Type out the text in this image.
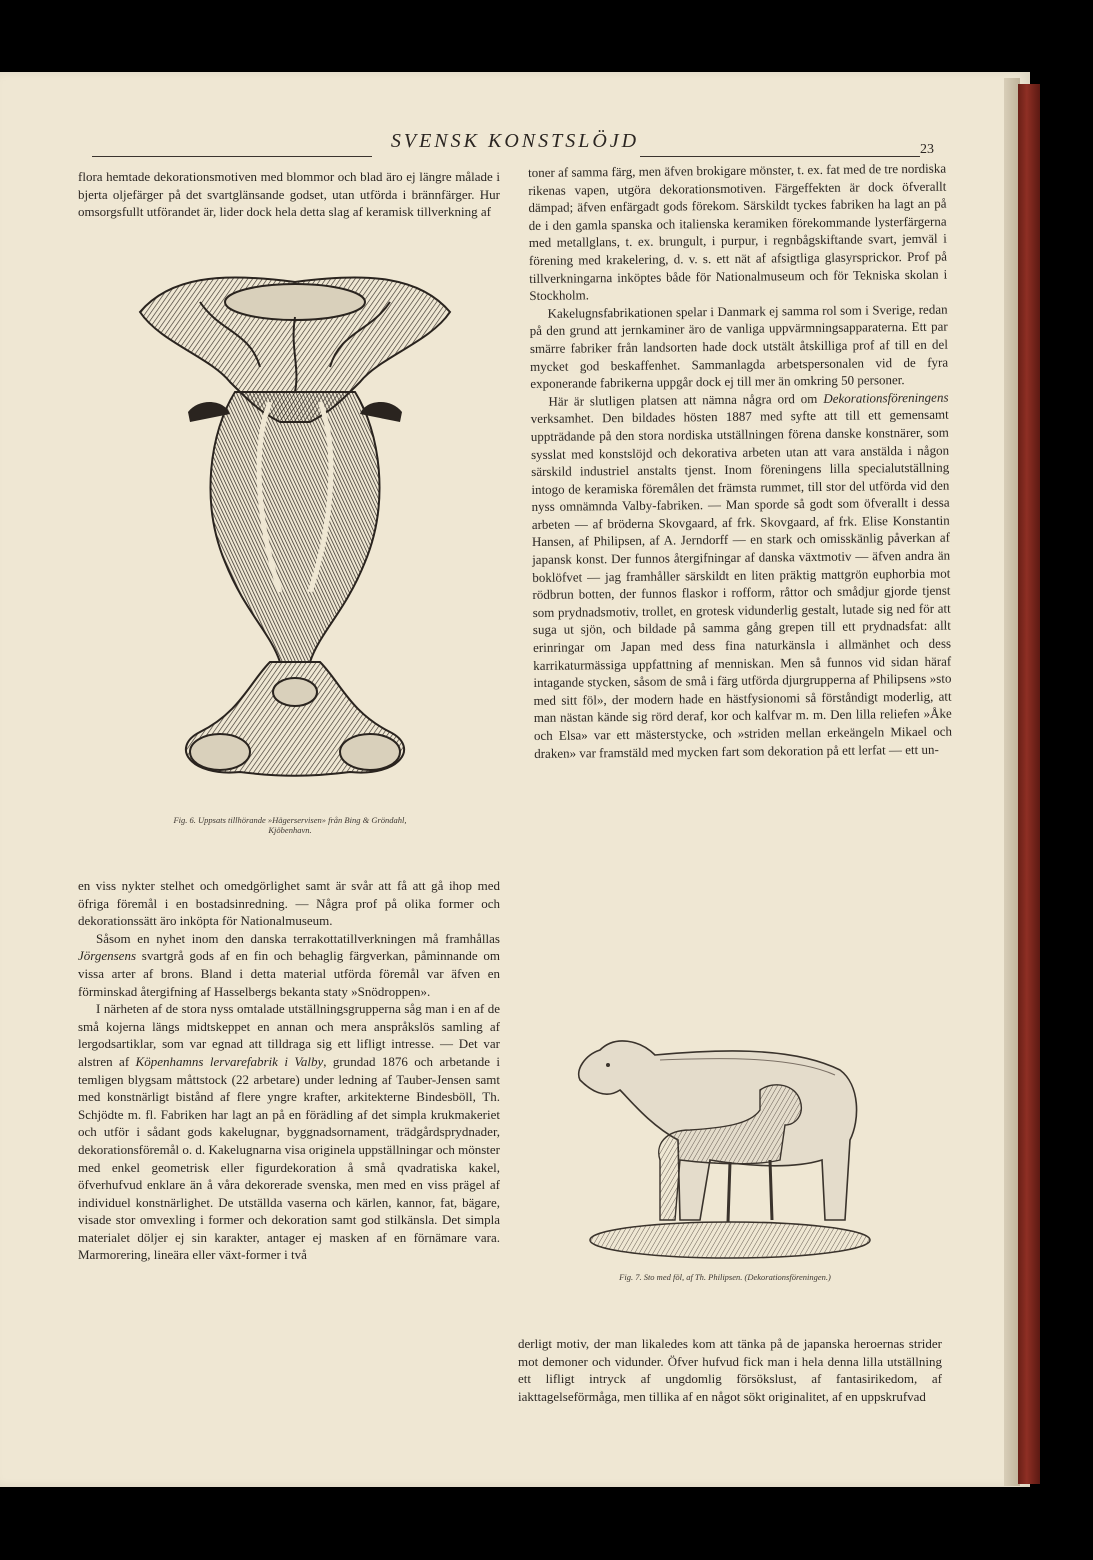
SVENSK KONSTSLÖJD	23

flora hemtade dekorationsmotiven med blommor och blad äro ej längre målade i bjerta oljefärger på det svartglänsande godset, utan utförda i brännfärger. Hur omsorgsfullt utförandet är, lider dock hela detta slag af keramisk tillverkning af

Fig. 6. Uppsats tillhörande »Hägerservisen» från Bing & Gröndahl,
Kjöbenhavn.

en viss nykter stelhet och omedgörlighet samt är svår att få att gå ihop med öfriga föremål i en bostadsinredning. — Några prof på olika former och dekorationssätt äro inköpta för Nationalmuseum.

Såsom en nyhet inom den danska terrakottatillverkningen må framhållas Jörgensens svartgrå gods af en fin och behaglig färgverkan, påminnande om vissa arter af brons. Bland i detta material utförda föremål var äfven en förminskad återgifning af Hasselbergs bekanta staty »Snödroppen».

I närheten af de stora nyss omtalade utställningsgrupperna såg man i en af de små kojerna längs midtskeppet en annan och mera anspråkslös samling af lergodsartiklar, som var egnad att tilldraga sig ett lifligt intresse. — Det var alstren af Köpenhamns lervarefabrik i Valby, grundad 1876 och arbetande i temligen blygsam måttstock (22 arbetare) under ledning af Tauber-Jensen samt med konstnärligt bistånd af flere yngre krafter, arkitekterne Bindesböll, Th. Schjödte m. fl. Fabriken har lagt an på en förädling af det simpla krukmakeriet och utför i sådant gods kakelugnar, byggnadsornament, trädgårdsprydnader, dekorationsföremål o. d. Kakelugnarna visa originela uppställningar och mönster med enkel geometrisk eller figurdekoration å små qvadratiska kakel, öfverhufvud enklare än å våra dekorerade svenska, men med en viss prägel af individuel konstnärlighet. De utställda vaserna och kärlen, kannor, fat, bägare, visade stor omvexling i former och dekoration samt god stilkänsla. Det simpla materialet döljer ej sin karakter, antager ej masken af en förnämare vara. Marmorering, lineära eller växt-former i två

toner af samma färg, men äfven brokigare mönster, t. ex. fat med de tre nordiska rikenas vapen, utgöra dekorationsmotiven. Färgeffekten är dock öfverallt dämpad; äfven enfärgadt gods förekom. Särskildt tyckes fabriken ha lagt an på de i den gamla spanska och italienska keramiken förekommande lysterfärgerna med metallglans, t. ex. brungult, i purpur, i regnbågskiftande svart, jemväl i förening med krakelering, d. v. s. ett nät af afsigtliga glasyrsprickor. Prof på tillverkningarna inköptes både för Nationalmuseum och för Tekniska skolan i Stockholm.

Kakelugnsfabrikationen spelar i Danmark ej samma rol som i Sverige, redan på den grund att jernkaminer äro de vanliga uppvärmningsapparaterna. Ett par smärre fabriker från landsorten hade dock utstält åtskilliga prof af till en del mycket god beskaffenhet. Sammanlagda arbetspersonalen vid de fyra exponerande fabrikerna uppgår dock ej till mer än omkring 50 personer.

Här är slutligen platsen att nämna några ord om Dekorationsföreningens verksamhet. Den bildades hösten 1887 med syfte att till ett gemensamt uppträdande på den stora nordiska utställningen förena danske konstnärer, som sysslat med konstslöjd och dekorativa arbeten utan att vara anstälda i någon särskild industriel anstalts tjenst. Inom föreningens lilla specialutställning intogo de keramiska föremålen det främsta rummet, till stor del utförda vid den nyss omnämnda Valby-fabriken. — Man sporde så godt som öfverallt i dessa arbeten — af bröderna Skovgaard, af frk. Skovgaard, af frk. Elise Konstantin Hansen, af Philipsen, af A. Jerndorff — en stark och omisskänlig påverkan af japansk konst. Der funnos återgifningar af danska växtmotiv — äfven andra än boklöfvet — jag framhåller särskildt en liten präktig mattgrön euphorbia mot rödbrun botten, der funnos flaskor i rofform, råttor och smådjur gjorde tjenst som prydnadsmotiv, trollet, en grotesk vidunderlig gestalt, lutade sig ned för att suga ut sjön, och bildade på samma gång grepen till ett prydnadsfat: allt erinringar om Japan med dess fina naturkänsla i allmänhet och dess karrikaturmässiga uppfattning af menniskan. Men så funnos vid sidan häraf intagande stycken, såsom de små i färg utförda djurgrupperna af Philipsens »sto med sitt föl», der modern hade en hästfysionomi så förståndigt moderlig, att man nästan kände sig rörd deraf, kor och kalfvar m. m. Den lilla reliefen »Åke och Elsa» var ett mästerstycke, och »striden mellan erkeängeln Mikael och draken» var framstäld med mycken fart som dekoration på ett lerfat — ett un-

Fig. 7. Sto med föl, af Th. Philipsen. (Dekorationsföreningen.)

derligt motiv, der man likaledes kom att tänka på de japanska heroernas strider mot demoner och vidunder. Öfver hufvud fick man i hela denna lilla utställning ett lifligt intryck af ungdomlig försökslust, af fantasirikedom, af iakttagelseförmåga, men tillika af en något sökt originalitet, af en uppskrufvad
